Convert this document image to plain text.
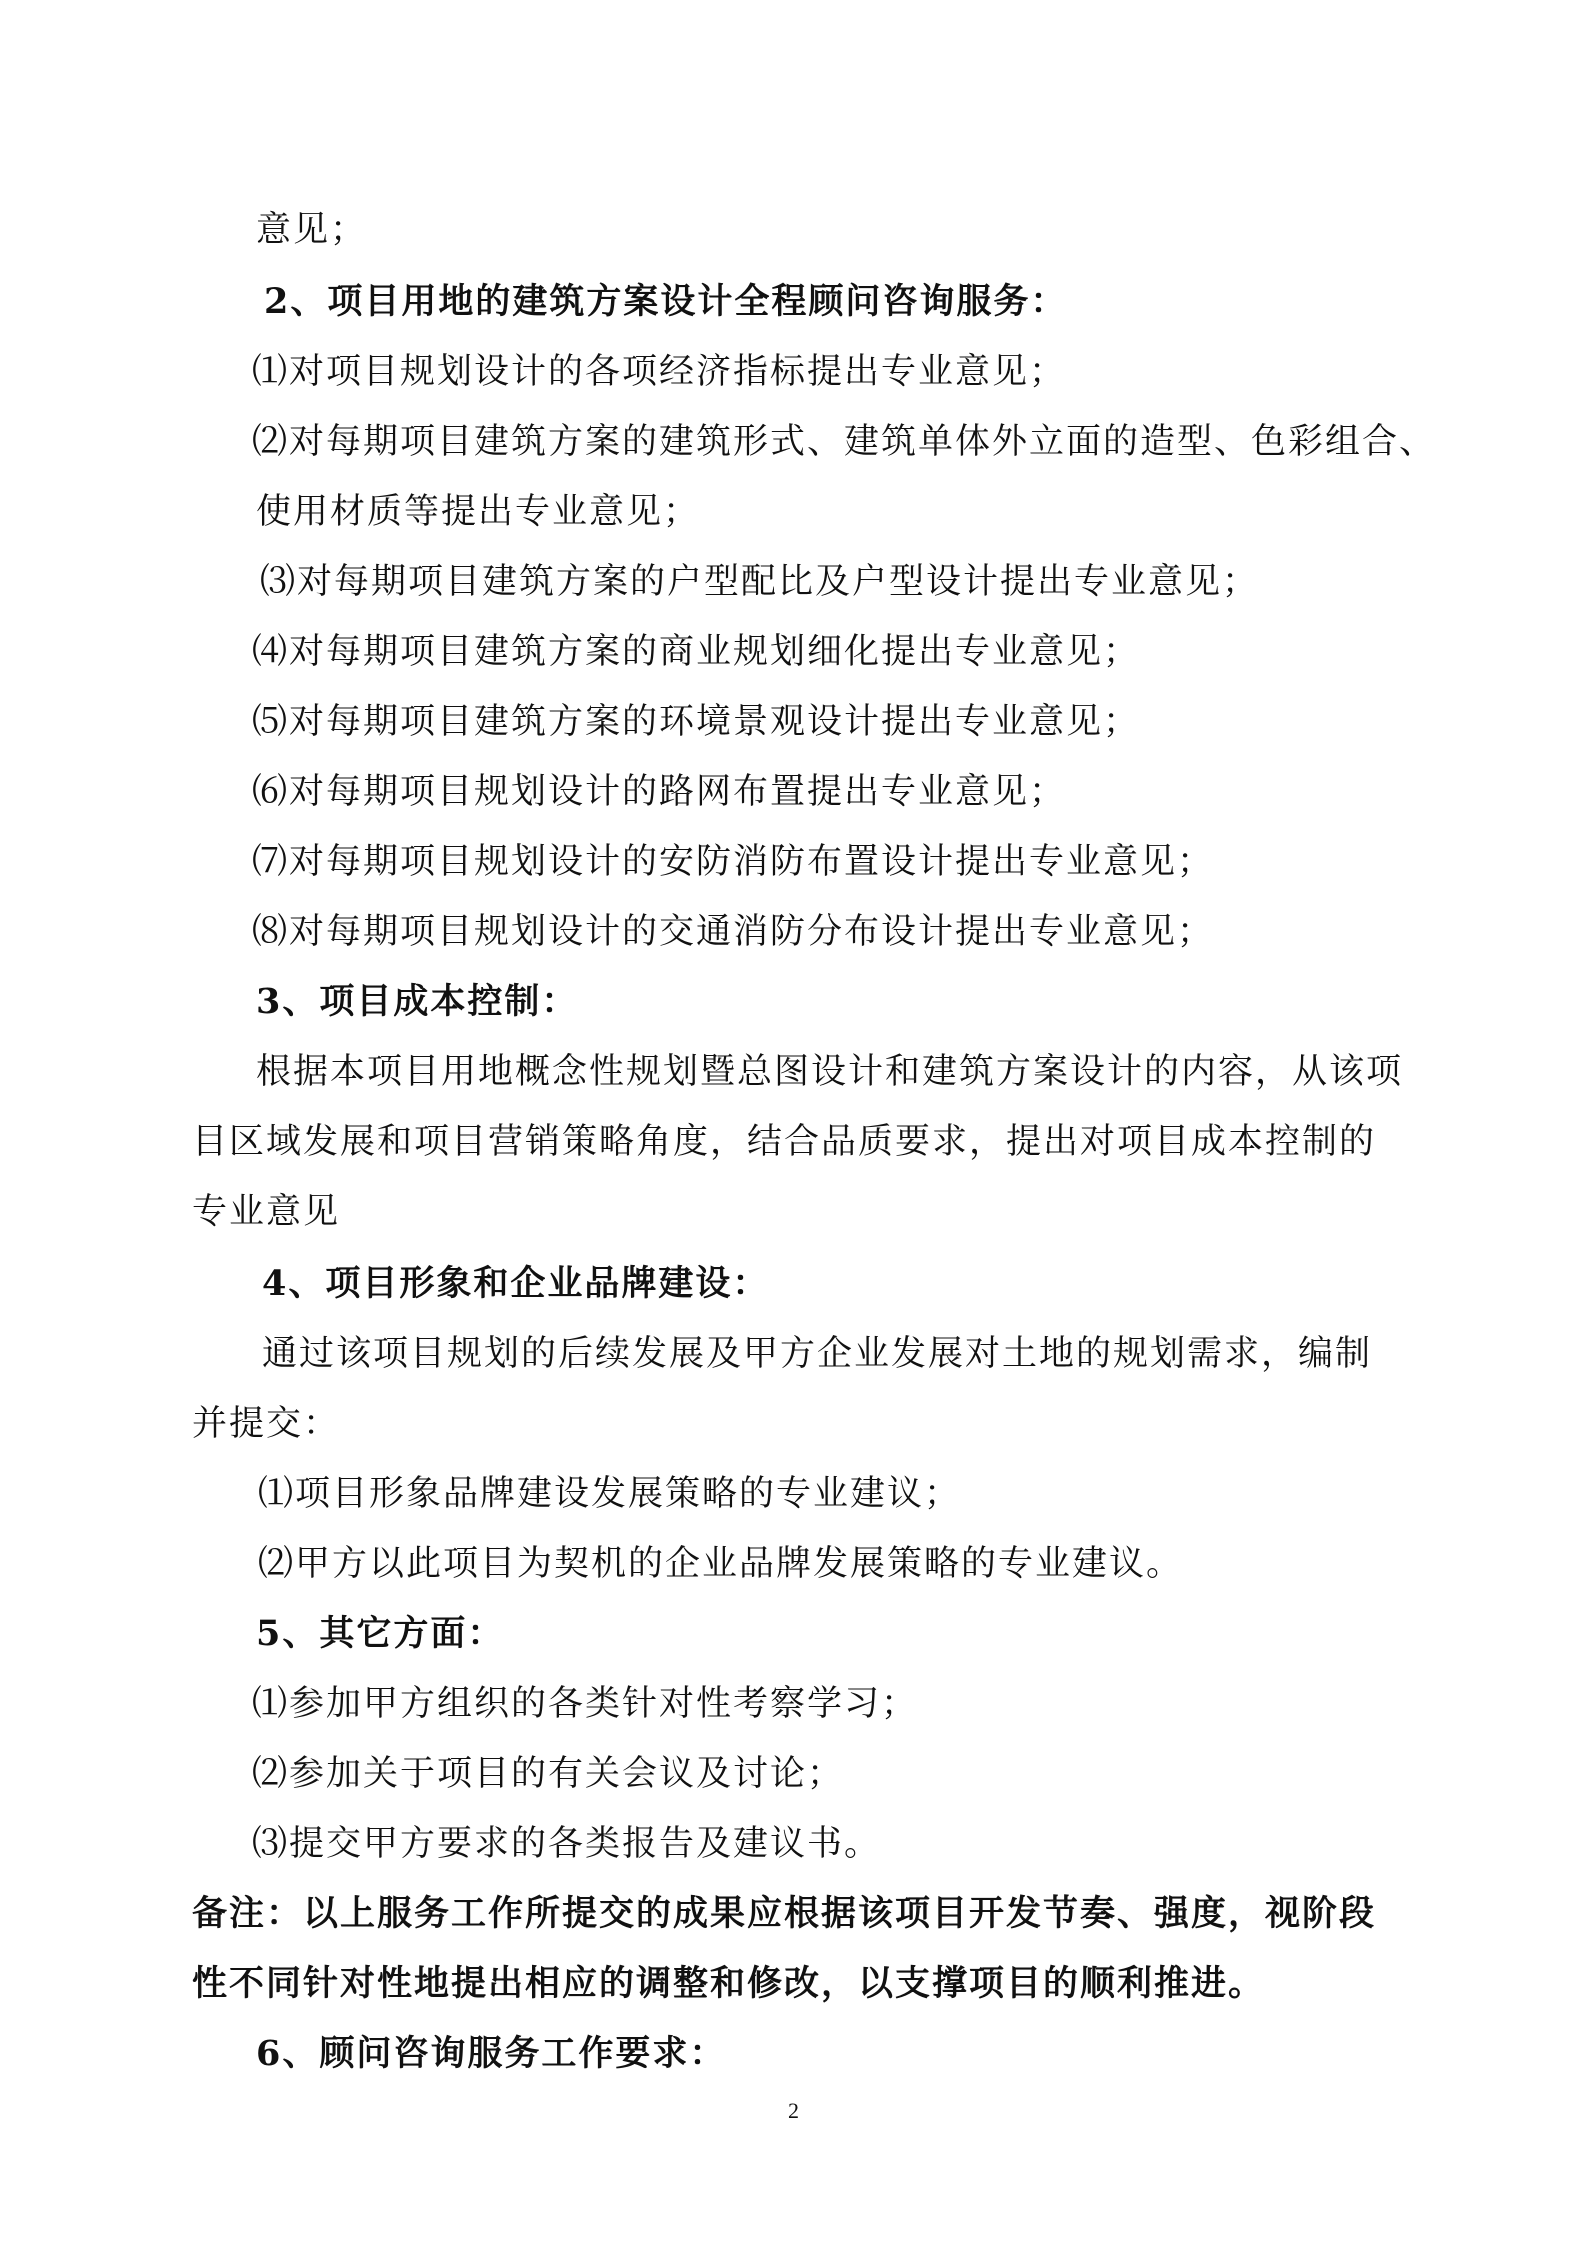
意见；
2、项目用地的建筑方案设计全程顾问咨询服务：
⑴对项目规划设计的各项经济指标提出专业意见；
⑵对每期项目建筑方案的建筑形式、建筑单体外立面的造型、色彩组合、
使用材质等提出专业意见；
⑶对每期项目建筑方案的户型配比及户型设计提出专业意见；
⑷对每期项目建筑方案的商业规划细化提出专业意见；
⑸对每期项目建筑方案的环境景观设计提出专业意见；
⑹对每期项目规划设计的路网布置提出专业意见；
⑺对每期项目规划设计的安防消防布置设计提出专业意见；
⑻对每期项目规划设计的交通消防分布设计提出专业意见；
3、项目成本控制：
根据本项目用地概念性规划暨总图设计和建筑方案设计的内容，从该项
目区域发展和项目营销策略角度，结合品质要求，提出对项目成本控制的
专业意见
4、项目形象和企业品牌建设：
通过该项目规划的后续发展及甲方企业发展对土地的规划需求，编制
并提交：
⑴项目形象品牌建设发展策略的专业建议；
⑵甲方以此项目为契机的企业品牌发展策略的专业建议。
5、其它方面：
⑴参加甲方组织的各类针对性考察学习；
⑵参加关于项目的有关会议及讨论；
⑶提交甲方要求的各类报告及建议书。
备注：以上服务工作所提交的成果应根据该项目开发节奏、强度，视阶段
性不同针对性地提出相应的调整和修改，以支撑项目的顺利推进。
6、顾问咨询服务工作要求：
2
